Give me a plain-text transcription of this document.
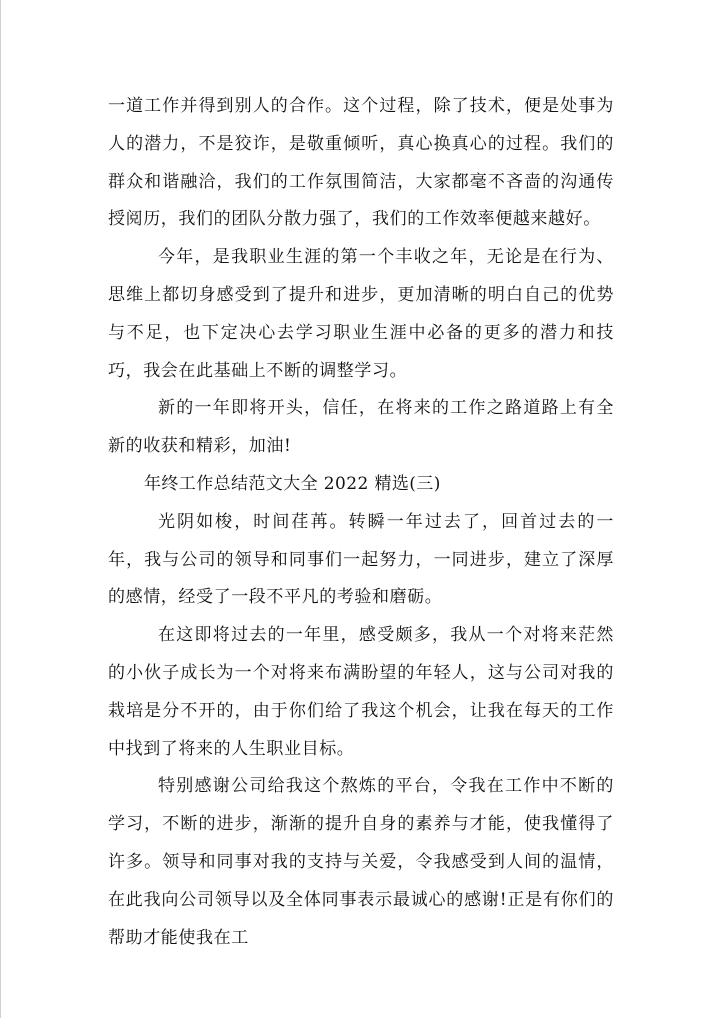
一道工作并得到别人的合作。这个过程，除了技术，便是处事为人的潜力，不是狡诈，是敬重倾听，真心换真心的过程。我们的群众和谐融洽，我们的工作氛围简洁，大家都毫不吝啬的沟通传授阅历，我们的团队分散力强了，我们的工作效率便越来越好。

今年，是我职业生涯的第一个丰收之年，无论是在行为、思维上都切身感受到了提升和进步，更加清晰的明白自己的优势与不足，也下定决心去学习职业生涯中必备的更多的潜力和技巧，我会在此基础上不断的调整学习。

新的一年即将开头，信任，在将来的工作之路道路上有全新的收获和精彩，加油!

年终工作总结范文大全 2022 精选(三)

光阴如梭，时间荏苒。转瞬一年过去了，回首过去的一年，我与公司的领导和同事们一起努力，一同进步，建立了深厚的感情，经受了一段不平凡的考验和磨砺。

在这即将过去的一年里，感受颇多，我从一个对将来茫然的小伙子成长为一个对将来布满盼望的年轻人，这与公司对我的栽培是分不开的，由于你们给了我这个机会，让我在每天的工作中找到了将来的人生职业目标。

特别感谢公司给我这个熬炼的平台，令我在工作中不断的学习，不断的进步，渐渐的提升自身的素养与才能，使我懂得了许多。领导和同事对我的支持与关爱，令我感受到人间的温情，在此我向公司领导以及全体同事表示最诚心的感谢!正是有你们的帮助才能使我在工
